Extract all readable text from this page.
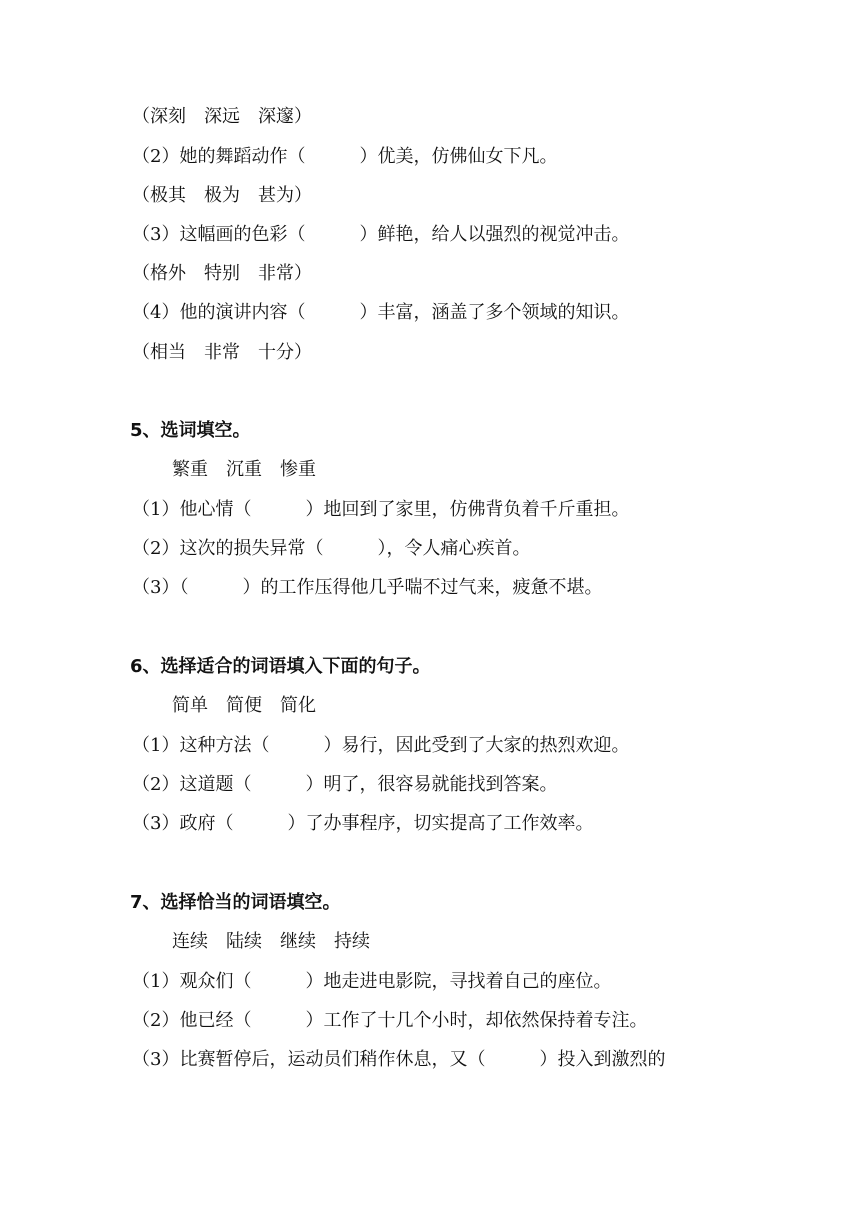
（深刻　深远　深邃）
（2）她的舞蹈动作（　　　）优美，仿佛仙女下凡。
（极其　极为　甚为）
（3）这幅画的色彩（　　　）鲜艳，给人以强烈的视觉冲击。
（格外　特别　非常）
（4）他的演讲内容（　　　）丰富，涵盖了多个领域的知识。
（相当　非常　十分）
5、选词填空。
繁重　沉重　惨重
（1）他心情（　　　）地回到了家里，仿佛背负着千斤重担。
（2）这次的损失异常（　　　），令人痛心疾首。
（3）（　　　）的工作压得他几乎喘不过气来，疲惫不堪。
6、选择适合的词语填入下面的句子。
简单　简便　简化
（1）这种方法（　　　）易行，因此受到了大家的热烈欢迎。
（2）这道题（　　　）明了，很容易就能找到答案。
（3）政府（　　　）了办事程序，切实提高了工作效率。
7、选择恰当的词语填空。
连续　陆续　继续　持续
（1）观众们（　　　）地走进电影院，寻找着自己的座位。
（2）他已经（　　　）工作了十几个小时，却依然保持着专注。
（3）比赛暂停后，运动员们稍作休息，又（　　　）投入到激烈的
